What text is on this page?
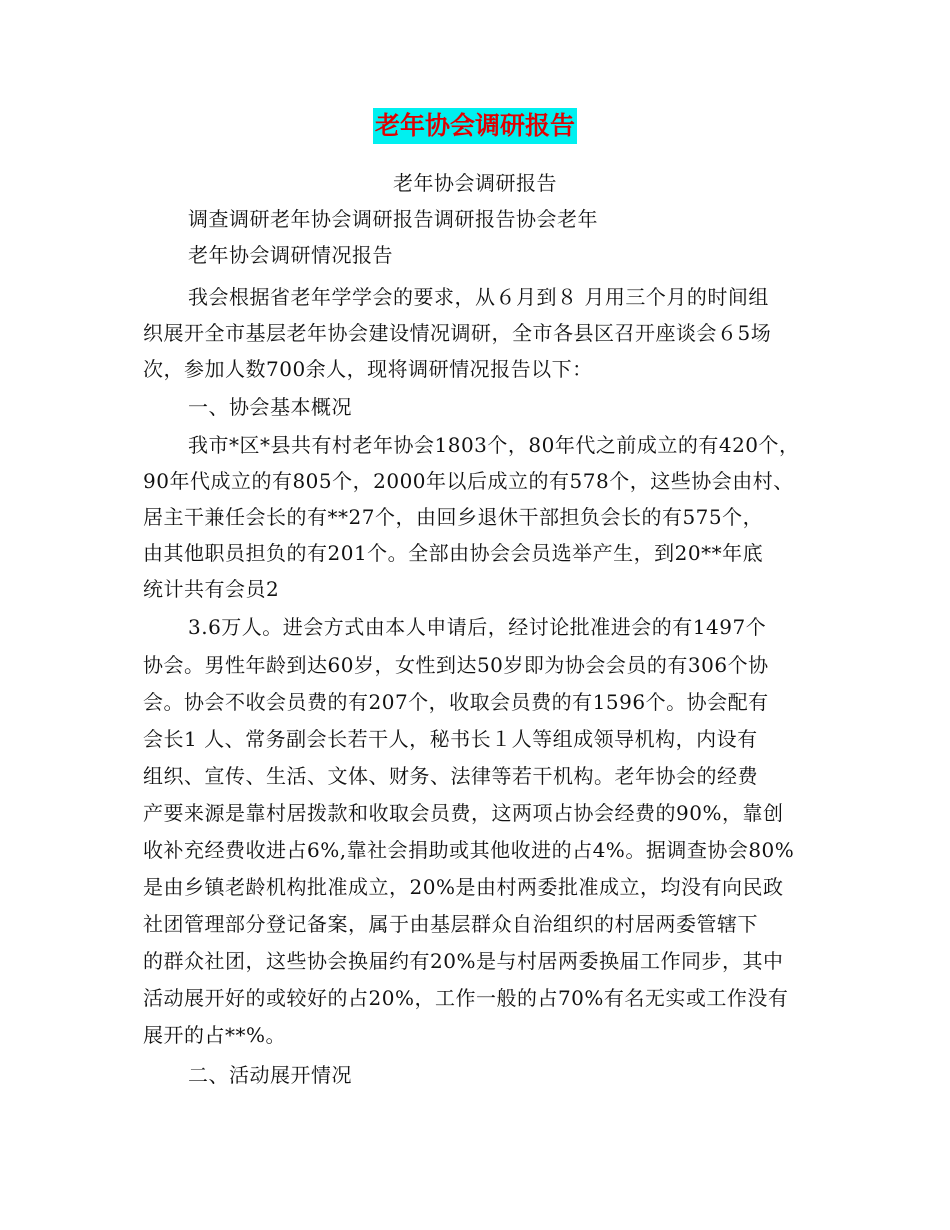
老年协会调研报告

老年协会调研报告

调查调研老年协会调研报告调研报告协会老年

老年协会调研情况报告

我会根据省老年学学会的要求，从６月到８ 月用三个月的时间组

织展开全市基层老年协会建设情况调研，全市各县区召开座谈会６5场

次，参加人数700余人，现将调研情况报告以下：

一、协会基本概况

我市*区*县共有村老年协会1803个，80年代之前成立的有420个，

90年代成立的有805个，2000年以后成立的有578个，这些协会由村、

居主干兼任会长的有**27个，由回乡退休干部担负会长的有575个，

由其他职员担负的有201个。全部由协会会员选举产生，到20**年底

统计共有会员2

3.6万人。进会方式由本人申请后，经讨论批准进会的有1497个

协会。男性年龄到达60岁，女性到达50岁即为协会会员的有306个协

会。协会不收会员费的有207个，收取会员费的有1596个。协会配有

会长1 人、常务副会长若干人，秘书长１人等组成领导机构，内设有

组织、宣传、生活、文体、财务、法律等若干机构。老年协会的经费

产要来源是靠村居拨款和收取会员费，这两项占协会经费的90%，靠创

收补充经费收进占6%,靠社会捐助或其他收进的占4%。据调查协会80%

是由乡镇老龄机构批准成立，20%是由村两委批准成立，均没有向民政

社团管理部分登记备案，属于由基层群众自治组织的村居两委管辖下

的群众社团，这些协会换届约有20%是与村居两委换届工作同步，其中

活动展开好的或较好的占20%，工作一般的占70%有名无实或工作没有

展开的占**%。

二、活动展开情况
